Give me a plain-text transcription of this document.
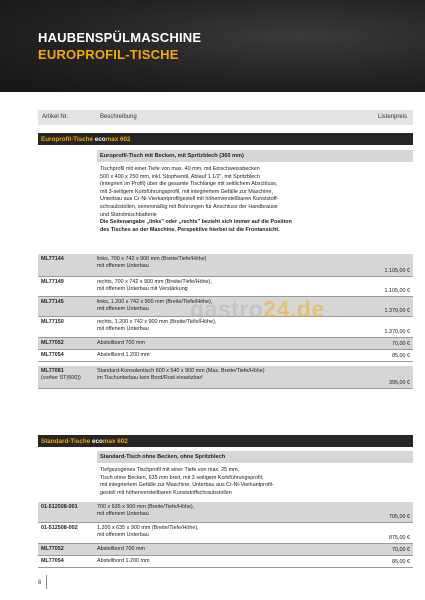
HAUBENSPÜLMASCHINE
EUROPROFIL-TISCHE
Artikel Nr.	Beschreibung	Listenpreis
Europrofil-Tische ecomax 602
Europrofil-Tisch mit Becken, mit Spritzblech (360 mm)
Tischprofil mit einer Tiefe von max. 40 mm, mit Einschweissbecken
500 x 400 x 250 mm, inkl. Stopfventil, Ablauf 1 1/2", mit Spritzblech
(integriert im Profil) über die gesamte Tischlänge mit seitlichem Abschluss,
mit 3-seitigem Korbführungsprofil, mit integriertem Gefälle zur Maschine,
Unterbau aus Cr-Ni-Vierkantprofilgestell mit höhenverstellbaren Kunststoff-
schraubstollen, serienmäßig mit Bohrungen für Anschluss der Handbrause
und Standmischbatterie
Die Seitenangabe „links" oder „rechts" bezieht sich immer auf die Position
des Tisches an der Maschine. Perspektive hierbei ist die Frontansicht.
ML77144	links, 700 x 742 x 900 mm (Breite/Tiefe/Höhe)
mit offenem Unterbau
1.105,00 €
ML77149	rechts, 700 x 742 x 900 mm (Breite/Tiefe/Höhe),
mit offenem Unterbau mit Verstärkung	1.105,00 €
ML77145	links, 1.200 x 742 x 900 mm (Breite/Tiefe/Höhe),
mit offenem Unterbau	1.370,00 €
ML77150	rechts, 1.200 x 742 x 900 mm (Breite/Tiefe/Höhe),
mit offenem Unterbau	1.370,00 €
ML77052	Abstellbord 700 mm	70,00 €
ML77054	Abstellbord 1.200 mm	85,00 €
ML77081
(vorher ST(600))
Standard-Konsolentisch 600 x 540 x 900 mm (Max. Breite/Tiefe/Höhe)
im Tischunterbau kein Bord/Rost einsetzbar!
395,00 €
gastro24.de
Standard-Tische ecomax 602
Standard-Tisch ohne Becken, ohne Spritzblech
Tiefgezogenes Tischprofil mit einer Tiefe von max. 25 mm,
Tisch ohne Becken, 635 mm breit, mit 3 seitigem Korbführungsprofil,
mit integriertem Gefälle zur Maschine, Unterbau aus Cr-Ni-Vierkantprofil-
gestell mit höhenverstellbaren Kunststoffschraubstollen
01-512508-001	700 x 635 x 900 mm (Breite/Tiefe/Höhe),
mit offenem Unterbau	705,00 €
01-512508-002	1.200 x 635 x 900 mm (Breite/Tiefe/Höhe),
mit offenem Unterbau	875,00 €
ML77052	Abstellbord 700 mm	70,00 €
ML77054	Abstellbord 1.200 mm	85,00 €
6
